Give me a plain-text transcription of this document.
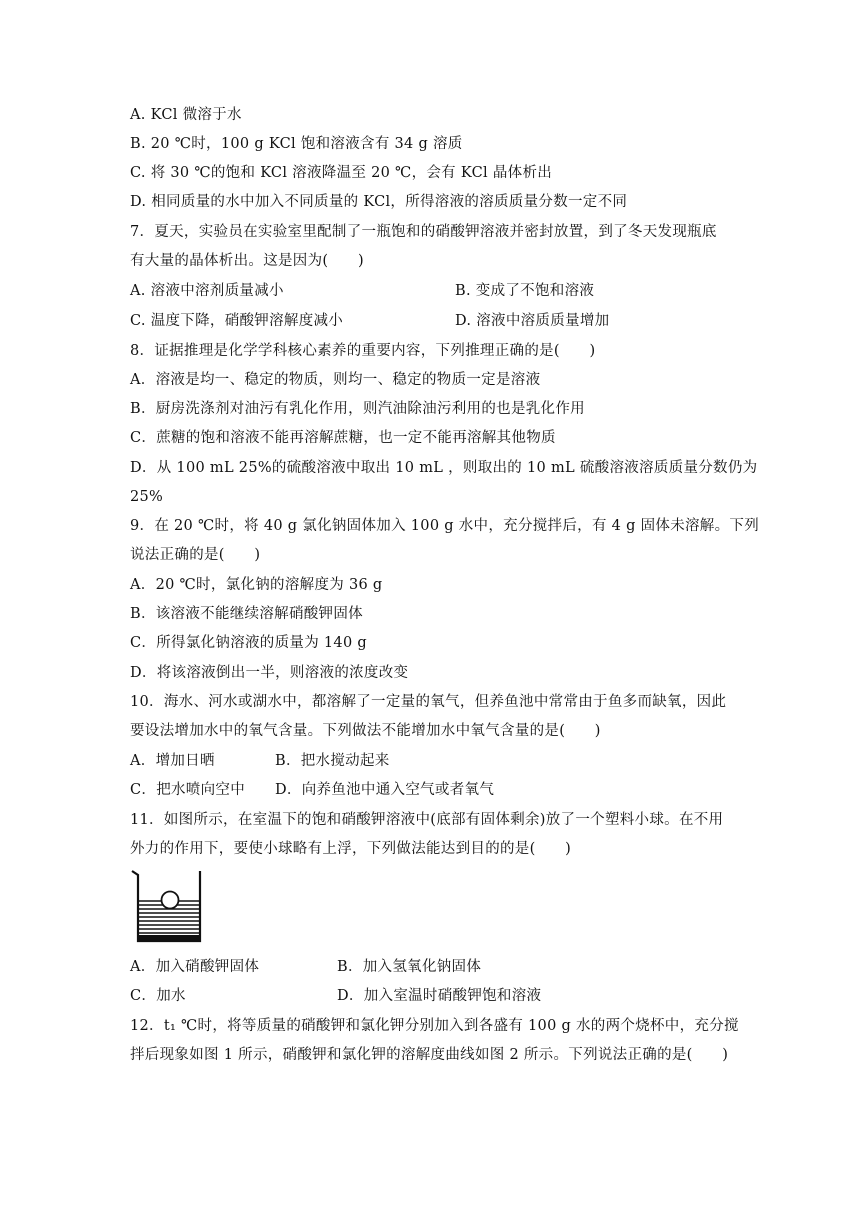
A. KCl 微溶于水
B. 20 ℃时，100 g KCl 饱和溶液含有 34 g 溶质
C. 将 30 ℃的饱和 KCl 溶液降温至 20 ℃，会有 KCl 晶体析出
D. 相同质量的水中加入不同质量的 KCl，所得溶液的溶质质量分数一定不同
7．夏天，实验员在实验室里配制了一瓶饱和的硝酸钾溶液并密封放置，到了冬天发现瓶底
有大量的晶体析出。这是因为(　　)
A. 溶液中溶剂质量减小	B. 变成了不饱和溶液
C. 温度下降，硝酸钾溶解度减小	D. 溶液中溶质质量增加
8．证据推理是化学学科核心素养的重要内容，下列推理正确的是(　　)
A．溶液是均一、稳定的物质，则均一、稳定的物质一定是溶液
B．厨房洗涤剂对油污有乳化作用，则汽油除油污利用的也是乳化作用
C．蔗糖的饱和溶液不能再溶解蔗糖，也一定不能再溶解其他物质
D．从 100 mL 25%的硫酸溶液中取出 10 mL ，则取出的 10 mL 硫酸溶液溶质质量分数仍为
25%
9．在 20 ℃时，将 40 g 氯化钠固体加入 100 g 水中，充分搅拌后，有 4 g 固体未溶解。下列
说法正确的是(　　)
A．20 ℃时，氯化钠的溶解度为 36 g
B．该溶液不能继续溶解硝酸钾固体
C．所得氯化钠溶液的质量为 140 g
D．将该溶液倒出一半，则溶液的浓度改变
10．海水、河水或湖水中，都溶解了一定量的氧气，但养鱼池中常常由于鱼多而缺氧，因此
要设法增加水中的氧气含量。下列做法不能增加水中氧气含量的是(　　)
A．增加日晒	B．把水搅动起来
C．把水喷向空中 D．向养鱼池中通入空气或者氧气
11．如图所示，在室温下的饱和硝酸钾溶液中(底部有固体剩余)放了一个塑料小球。在不用
外力的作用下，要使小球略有上浮，下列做法能达到目的的是(　　)
A．加入硝酸钾固体	B．加入氢氧化钠固体
C．加水	D．加入室温时硝酸钾饱和溶液
12．t₁ ℃时，将等质量的硝酸钾和氯化钾分别加入到各盛有 100 g 水的两个烧杯中，充分搅
拌后现象如图 1 所示，硝酸钾和氯化钾的溶解度曲线如图 2 所示。下列说法正确的是(　　)
